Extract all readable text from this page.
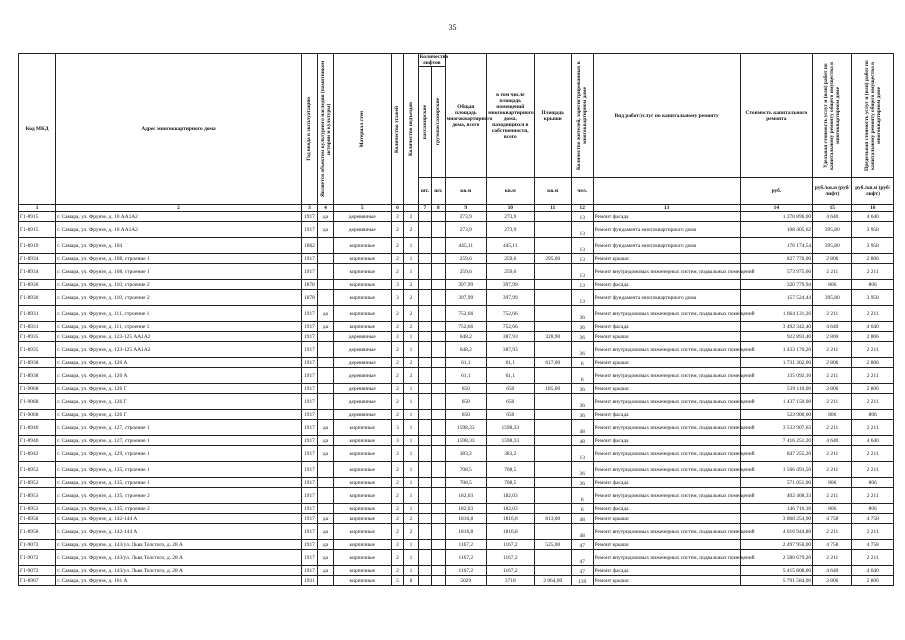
35
Код МКД	Адрес многоквартирного дома	Год ввода в эксплуатацию	Является объектом культурного наследия (памятником истории и культуры)	Материал стен	Количество этажей	Количество подъездов	Количество лифтов		Общая площадь многоквартирного дома, всего	в том числе площадь помещений многоквартирного дома, находящихся в собственности, всего	Площадь крыши	Количество жителей, зарегистрированных в многоквартирном доме	Вид работ/услуг по капитальному ремонту	Стоимость капитального ремонта	Удельная стоимость услуг и (или) работ по капитальному ремонту общего имущества в многоквартирном доме	Предельная стоимость услуг и (или) работ по капитальному ремонту общего имущества в многоквартирном доме

							пассажирские	грузопассажирские								

							шт.	шт.	кв.м	кв.м	кв.м	чел.		руб.	руб./кв.м (руб/лифт)	руб./кв.м (руб/лифт)
1	2	3	4	5	6		7	8	9	10	11	12	13	14	15	16
Г1-8915	г. Самара, ул. Фрунзе, д. 10 АА1А2	1917	да	деревянные	2	2			273,9	273,9		13	Ремонт фасада	1 270 896,00	4 640	4 640
Г1-8915	г. Самара, ул. Фрунзе, д. 10 АА1А2	1917	да	деревянные	2	2			273,9	273,9		13	Ремонт фундамента многоквартирного дома	108 405,62	395,80	3 958
Г1-8919	г. Самара, ул. Фрунзе, д. 104	1862		кирпичные	2	1			445,11	445,11		13	Ремонт фундамента многоквартирного дома	176 174,54	395,80	3 958
Г1-8934	г. Самара, ул. Фрунзе, д. 108, строение 1	1917		кирпичные	2	1			259,6	259,6	295,00	13	Ремонт крыши	827 770,00	2 806	2 806
Г1-8934	г. Самара, ул. Фрунзе, д. 108, строение 1	1917		кирпичные	2	1			259,6	259,6		13	Ремонт внутридомовых инженерных систем, подвальных помещений	573 975,60	2 211	2 211
Г1-8930	г. Самара, ул. Фрунзе, д. 110, строение 2	1878		кирпичные	3	2			397,99	397,99		13	Ремонт фасада	320 779,94	806	806
Г1-8930	г. Самара, ул. Фрунзе, д. 110, строение 2	1878		кирпичные	3	2			397,99	397,99		13	Ремонт фундамента многоквартирного дома	157 524,44	395,80	3 958
Г1-8931	г. Самара, ул. Фрунзе, д. 111, строение 1	1917	да	кирпичные	2	2			752,66	752,66		36	Ремонт внутридомовых инженерных систем, подвальных помещений	1 664 131,26	2 211	2 211
Г1-8931	г. Самара, ул. Фрунзе, д. 111, строение 1	1917	да	кирпичные	2	2			752,66	752,66		36	Ремонт фасада	3 492 342,40	4 640	4 640
Г1-8935	г. Самара, ул. Фрунзе, д. 123-125 АА1А2	1917		деревянные	2	1			648,2	387,93	328,90	36	Ремонт крыши	922 893,40	2 806	2 806
Г1-8935	г. Самара, ул. Фрунзе, д. 123-125 АА1А2	1917		деревянные	2	1			648,2	387,93		36	Ремонт внутридомовых инженерных систем, подвальных помещений	1 433 170,20	2 211	2 211
Г1-8938	г. Самара, ул. Фрунзе, д. 126 А	1917		деревянные	2	2			61,1	61,1	617,00	6	Ремонт крыши	1 731 302,00	2 806	2 806
Г1-8938	г. Самара, ул. Фрунзе, д. 126 А	1917		деревянные	2	2			61,1	61,1		6	Ремонт внутридомовых инженерных систем, подвальных помещений	135 092,10	2 211	2 211
Г1-9068	г. Самара, ул. Фрунзе, д. 126 Г	1917		деревянные	2	1			650	650	185,00	36	Ремонт крыши	519 110,00	2 806	2 806
Г1-9068	г. Самара, ул. Фрунзе, д. 126 Г	1917		деревянные	2	1			650	650		36	Ремонт внутридомовых инженерных систем, подвальных помещений	1 437 150,00	2 211	2 211
Г1-9068	г. Самара, ул. Фрунзе, д. 126 Г	1917		деревянные	2	1			650	650		36	Ремонт фасада	523 900,00	806	806
Г1-8940	г. Самара, ул. Фрунзе, д. 127, строение 1	1917	да	кирпичные	3	1			1598,33	1598,33		48	Ремонт внутридомовых инженерных систем, подвальных помещений	3 533 907,63	2 211	2 211
Г1-8940	г. Самара, ул. Фрунзе, д. 127, строение 1	1917	да	кирпичные	3	1			1598,33	1598,33		48	Ремонт фасада	7 416 251,20	4 640	4 640
Г1-8942	г. Самара, ул. Фрунзе, д. 129, строение 1	1917	да	кирпичные	3	1			383,2	383,2		13	Ремонт внутридомовых инженерных систем, подвальных помещений	847 255,20	2 211	2 211
Г1-8952	г. Самара, ул. Фрунзе, д. 135, строение 1	1917		кирпичные	2	1			708,5	708,5		36	Ремонт внутридомовых инженерных систем, подвальных помещений	1 566 493,50	2 211	2 211
Г1-8952	г. Самара, ул. Фрунзе, д. 135, строение 1	1917		кирпичные	2	1			708,5	708,5		36	Ремонт фасада	571 051,00	806	806
Г1-8953	г. Самара, ул. Фрунзе, д. 135, строение 2	1917		кирпичные	2	1			182,03	182,03		6	Ремонт внутридомовых инженерных систем, подвальных помещений	402 468,33	2 211	2 211
Г1-8953	г. Самара, ул. Фрунзе, д. 135, строение 2	1917		кирпичные	2	1			182,03	182,03		6	Ремонт фасада	146 716,18	806	806
Г1-8958	г. Самара, ул. Фрунзе, д. 142-144 А	1917	да	кирпичные	2	2			1816,8	1816,8	813,00	48	Ремонт крыши	3 868 254,00	4 758	4 758
Г1-8958	г. Самара, ул. Фрунзе, д. 142-144 А	1917	да	кирпичные	2	2			1816,8	1816,8		48	Ремонт внутридомовых инженерных систем, подвальных помещений	4 016 944,80	2 211	2 211
Г1-9072	г. Самара, ул. Фрунзе, д. 143/ул. Льва Толстого, д. 28 А	1917	да	кирпичные	2	1			1167,2	1167,2	525,00	47	Ремонт крыши	2 497 950,00	4 758	4 758
Г1-9072	г. Самара, ул. Фрунзе, д. 143/ул. Льва Толстого, д. 28 А	1917	да	кирпичные	2	1			1167,2	1167,2		47	Ремонт внутридомовых инженерных систем, подвальных помещений	2 580 679,20	2 211	2 211
Г1-9072	г. Самара, ул. Фрунзе, д. 143/ул. Льва Толстого, д. 28 А	1917	да	кирпичные	2	1			1167,2	1167,2		47	Ремонт фасада	5 415 808,00	4 640	4 640
Г1-8967	г. Самара, ул. Фрунзе, д. 161 А	1931		кирпичные	5	8			5029	3718	2 064,00	139	Ремонт крыши	5 791 584,00	2 806	2 806
